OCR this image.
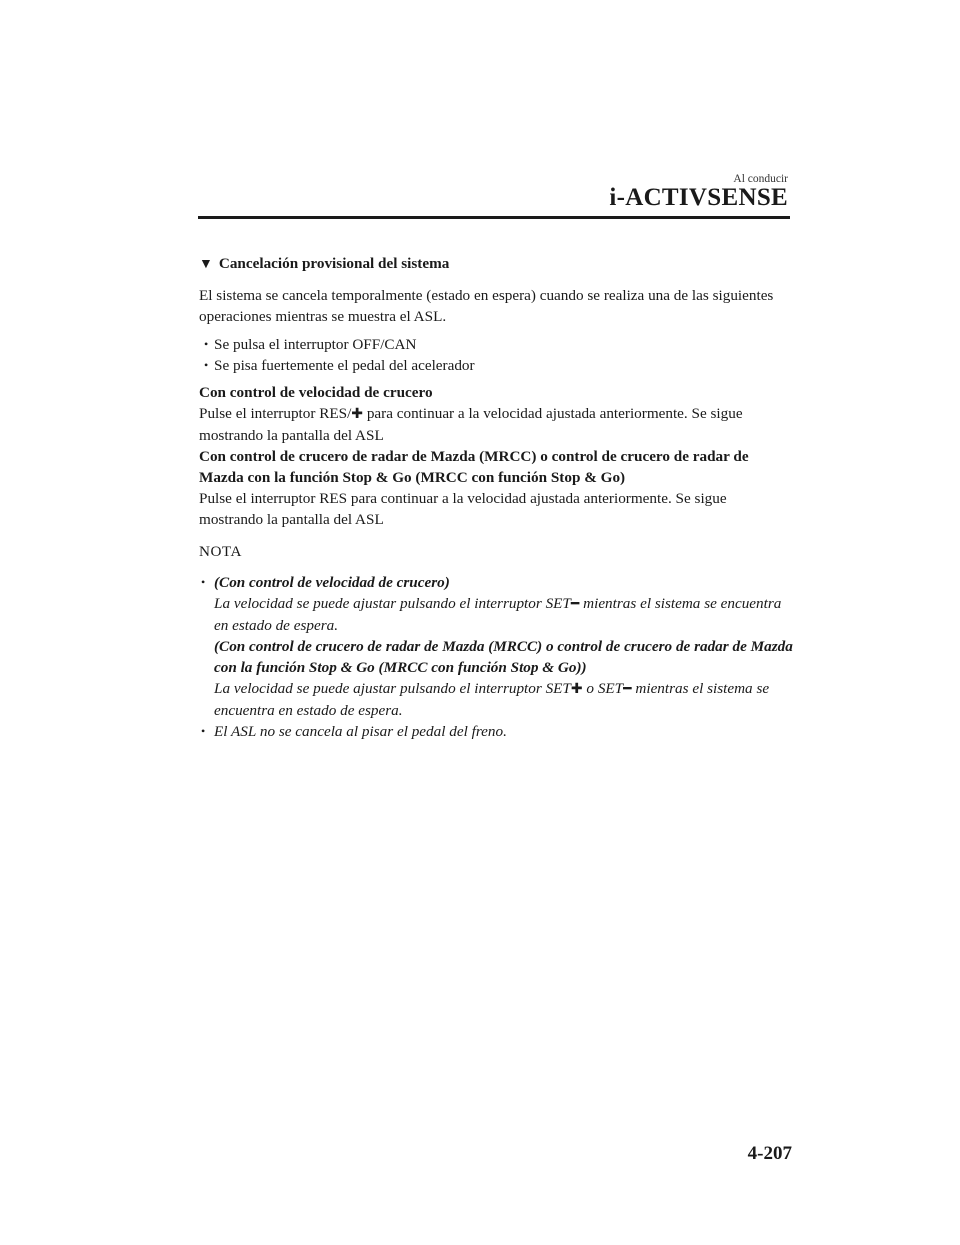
Al conducir
i-ACTIVSENSE
▼ Cancelación provisional del sistema

El sistema se cancela temporalmente (estado en espera) cuando se realiza una de las siguientes operaciones mientras se muestra el ASL.

• Se pulsa el interruptor OFF/CAN
• Se pisa fuertemente el pedal del acelerador

Con control de velocidad de crucero

Pulse el interruptor RES/✚ para continuar a la velocidad ajustada anteriormente. Se sigue mostrando la pantalla del ASL

Con control de crucero de radar de Mazda (MRCC) o control de crucero de radar de Mazda con la función Stop & Go (MRCC con función Stop & Go)

Pulse el interruptor RES para continuar a la velocidad ajustada anteriormente. Se sigue mostrando la pantalla del ASL

NOTA

• (Con control de velocidad de crucero)
La velocidad se puede ajustar pulsando el interruptor SET━ mientras el sistema se encuentra en estado de espera.
(Con control de crucero de radar de Mazda (MRCC) o control de crucero de radar de Mazda con la función Stop & Go (MRCC con función Stop & Go))
La velocidad se puede ajustar pulsando el interruptor SET✚ o SET━ mientras el sistema se encuentra en estado de espera.
• El ASL no se cancela al pisar el pedal del freno.
4-207
